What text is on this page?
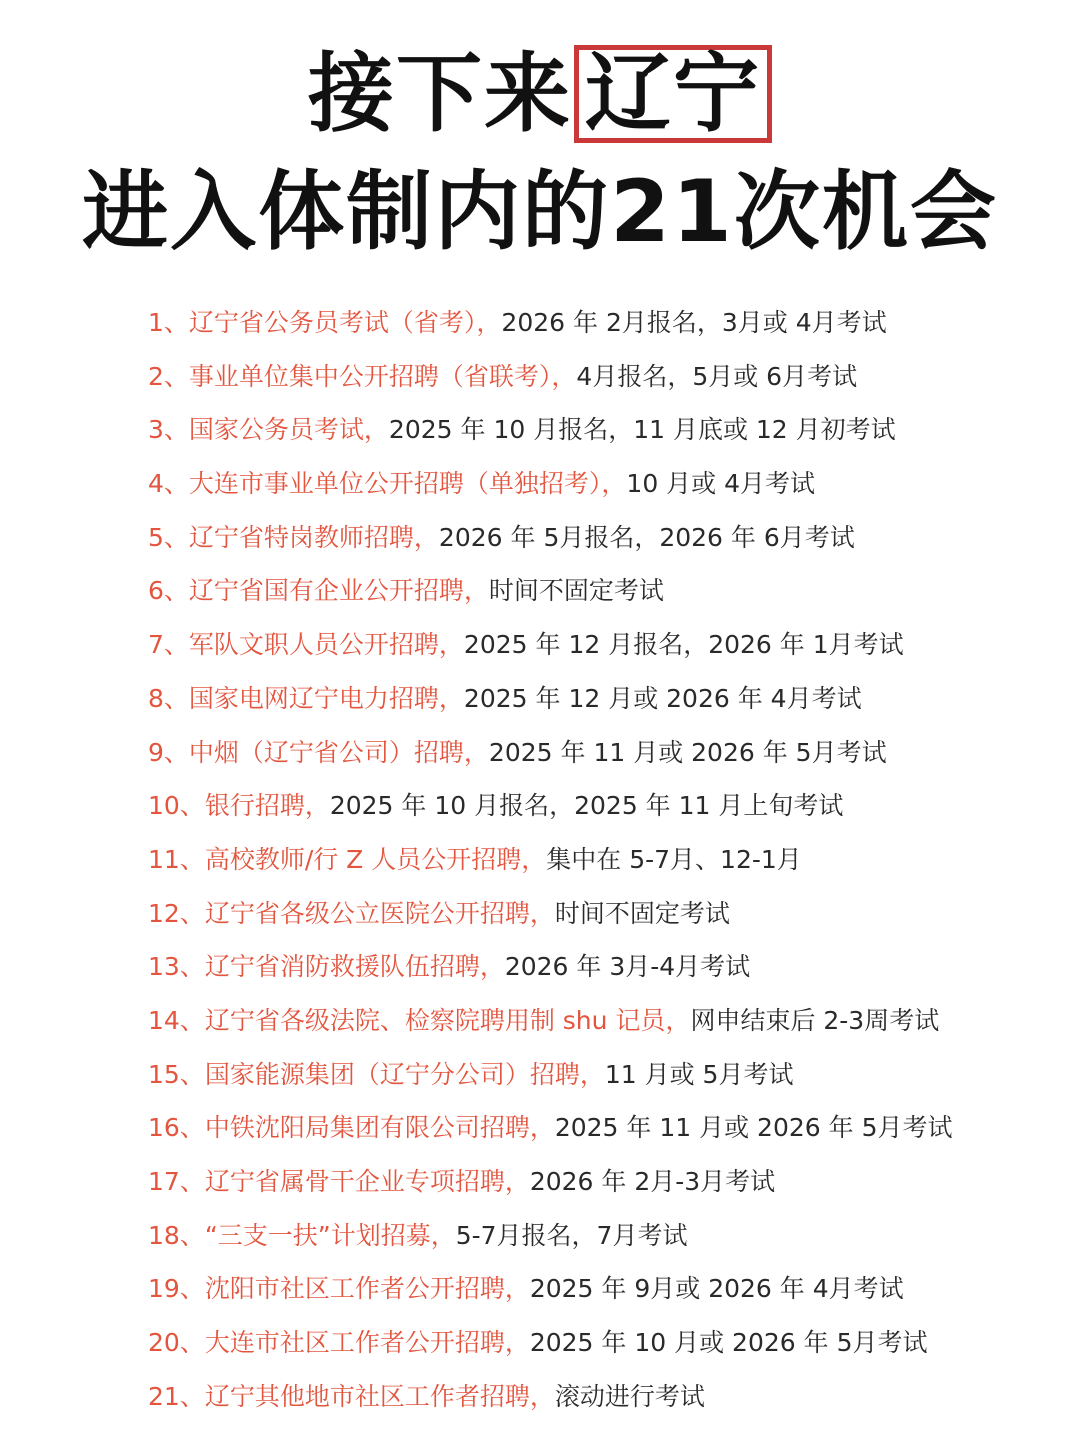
接下来 辽宁
进入体制内的21次机会
1、辽宁省公务员考试（省考），2026 年 2月报名，3月或 4月考试
2、事业单位集中公开招聘（省联考），4月报名，5月或 6月考试
3、国家公务员考试，2025 年 10 月报名，11 月底或 12 月初考试
4、大连市事业单位公开招聘（单独招考），10 月或 4月考试
5、辽宁省特岗教师招聘，2026 年 5月报名，2026 年 6月考试
6、辽宁省国有企业公开招聘，时间不固定考试
7、军队文职人员公开招聘，2025 年 12 月报名，2026 年 1月考试
8、国家电网辽宁电力招聘，2025 年 12 月或 2026 年 4月考试
9、中烟（辽宁省公司）招聘，2025 年 11 月或 2026 年 5月考试
10、银行招聘，2025 年 10 月报名，2025 年 11 月上旬考试
11、高校教师/行 Z 人员公开招聘，集中在 5-7月、12-1月
12、辽宁省各级公立医院公开招聘，时间不固定考试
13、辽宁省消防救援队伍招聘，2026 年 3月-4月考试
14、辽宁省各级法院、检察院聘用制 shu 记员，网申结束后 2-3周考试
15、国家能源集团（辽宁分公司）招聘，11 月或 5月考试
16、中铁沈阳局集团有限公司招聘，2025 年 11 月或 2026 年 5月考试
17、辽宁省属骨干企业专项招聘，2026 年 2月-3月考试
18、“三支一扶”计划招募，5-7月报名，7月考试
19、沈阳市社区工作者公开招聘，2025 年 9月或 2026 年 4月考试
20、大连市社区工作者公开招聘，2025 年 10 月或 2026 年 5月考试
21、辽宁其他地市社区工作者招聘，滚动进行考试
